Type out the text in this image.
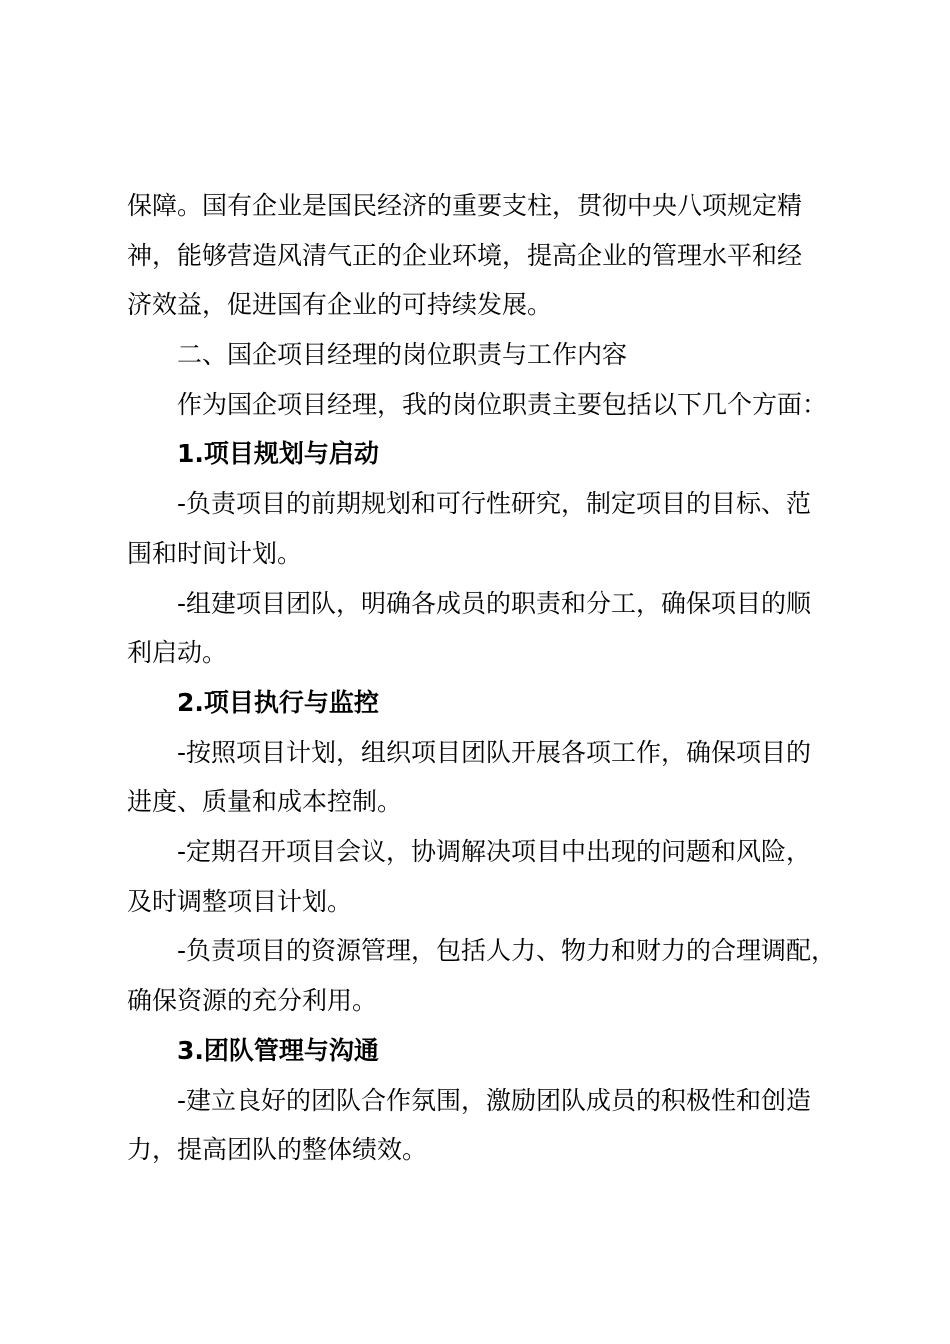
保障。国有企业是国民经济的重要支柱，贯彻中央八项规定精
神，能够营造风清气正的企业环境，提高企业的管理水平和经
济效益，促进国有企业的可持续发展。
二、国企项目经理的岗位职责与工作内容
作为国企项目经理，我的岗位职责主要包括以下几个方面：
1.项目规划与启动
-负责项目的前期规划和可行性研究，制定项目的目标、范
围和时间计划。
-组建项目团队，明确各成员的职责和分工，确保项目的顺
利启动。
2.项目执行与监控
-按照项目计划，组织项目团队开展各项工作，确保项目的
进度、质量和成本控制。
-定期召开项目会议，协调解决项目中出现的问题和风险，
及时调整项目计划。
-负责项目的资源管理，包括人力、物力和财力的合理调配，
确保资源的充分利用。
3.团队管理与沟通
-建立良好的团队合作氛围，激励团队成员的积极性和创造
力，提高团队的整体绩效。
